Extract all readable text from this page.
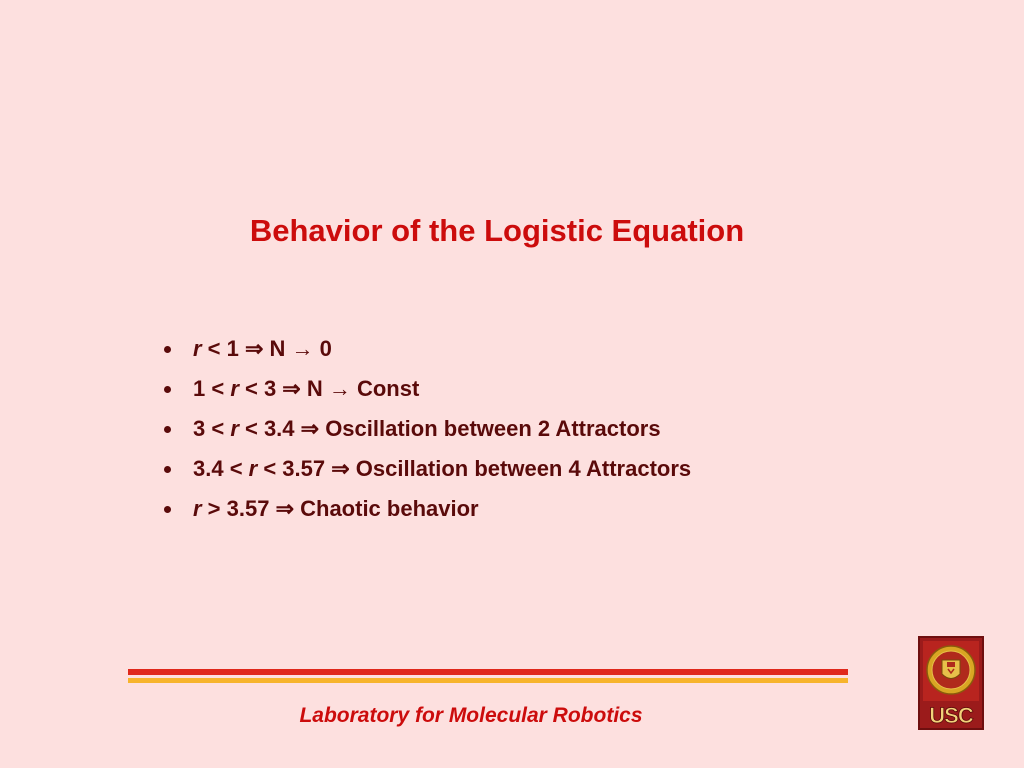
Behavior of the Logistic Equation
r < 1 ⇒ N → 0
1 < r < 3 ⇒ N → Const
3 < r < 3.4 ⇒ Oscillation between 2 Attractors
3.4 < r < 3.57 ⇒ Oscillation between 4 Attractors
r > 3.57 ⇒ Chaotic behavior
Laboratory for Molecular Robotics	USC
